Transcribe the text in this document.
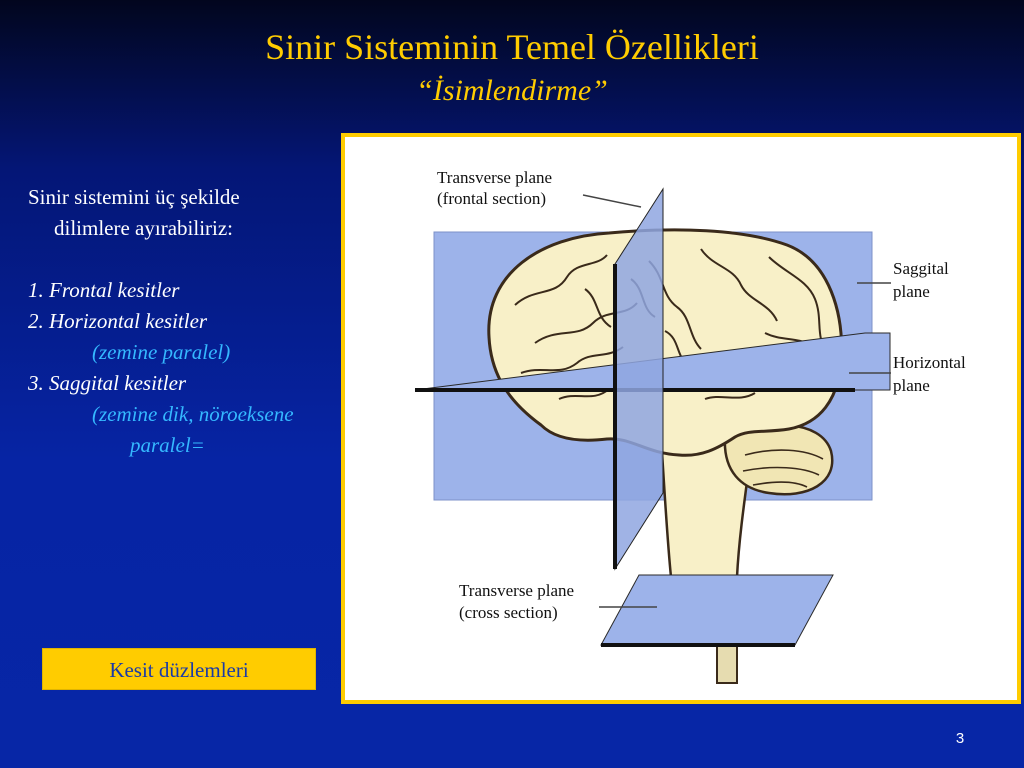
Sinir Sisteminin Temel Özellikleri
“İsimlendirme”
Sinir sistemini üç şekilde
dilimlere ayırabiliriz:
1. Frontal kesitler
2. Horizontal kesitler
(zemine paralel)
3. Saggital kesitler
(zemine dik, nöroeksene
paralel=
Transverse plane
(frontal section)
Saggital
plane
Horizontal
plane
Transverse plane
(cross section)
Kesit düzlemleri
3
